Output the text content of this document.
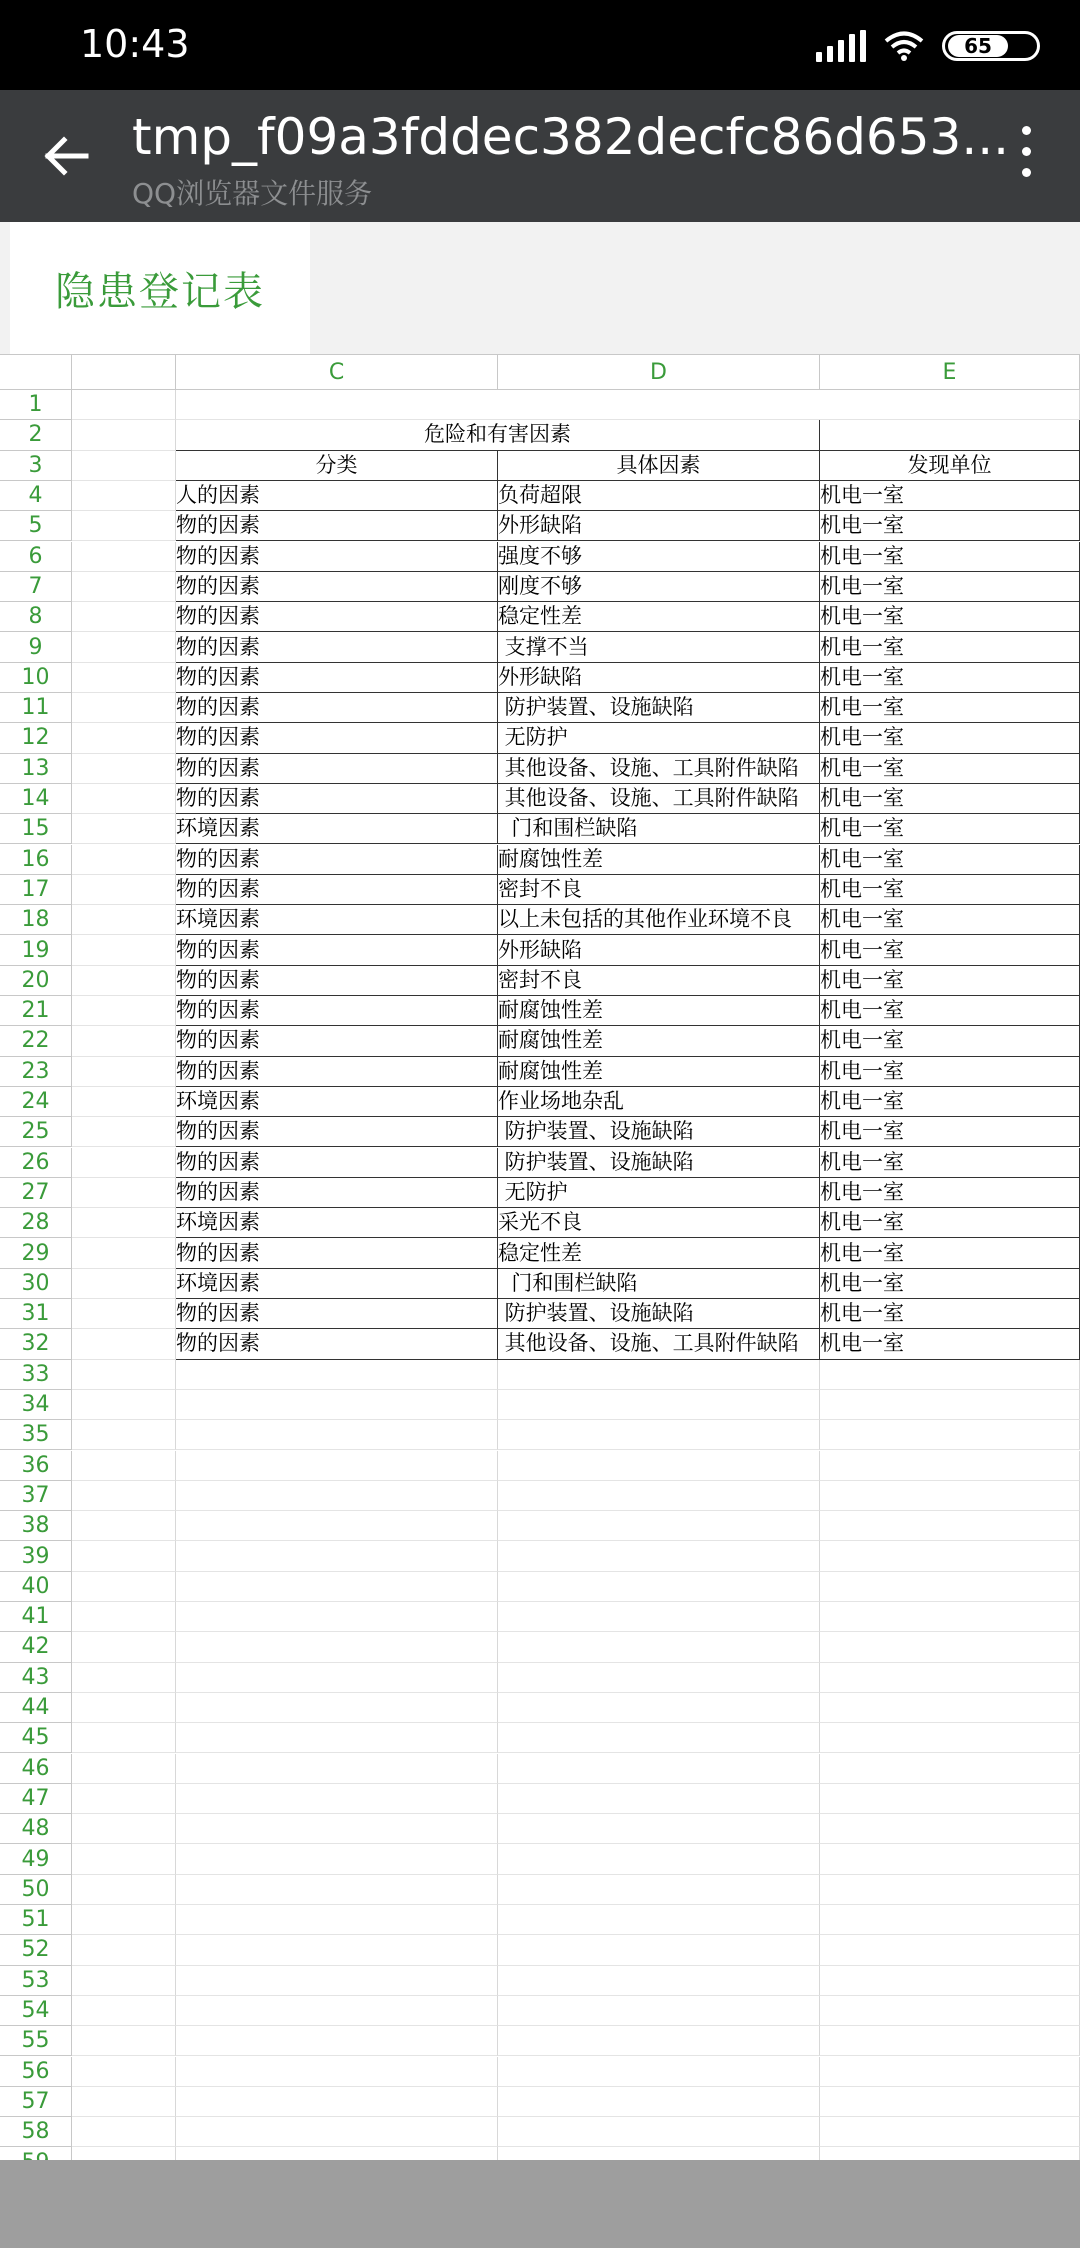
10:43	65
tmp_f09a3fddec382decfc86d653...
QQ浏览器文件服务
隐患登记表
C	D	E
1
2	危险和有害因素
3	分类	具体因素	发现单位
4	人的因素	负荷超限	机电一室
5	物的因素	外形缺陷	机电一室
6	物的因素	强度不够	机电一室
7	物的因素	刚度不够	机电一室
8	物的因素	稳定性差	机电一室
9	物的因素	支撑不当	机电一室
10	物的因素	外形缺陷	机电一室
11	物的因素	防护装置、设施缺陷	机电一室
12	物的因素	无防护	机电一室
13	物的因素	其他设备、设施、工具附件缺陷	机电一室
14	物的因素	其他设备、设施、工具附件缺陷	机电一室
15	环境因素	门和围栏缺陷	机电一室
16	物的因素	耐腐蚀性差	机电一室
17	物的因素	密封不良	机电一室
18	环境因素	以上未包括的其他作业环境不良	机电一室
19	物的因素	外形缺陷	机电一室
20	物的因素	密封不良	机电一室
21	物的因素	耐腐蚀性差	机电一室
22	物的因素	耐腐蚀性差	机电一室
23	物的因素	耐腐蚀性差	机电一室
24	环境因素	作业场地杂乱	机电一室
25	物的因素	防护装置、设施缺陷	机电一室
26	物的因素	防护装置、设施缺陷	机电一室
27	物的因素	无防护	机电一室
28	环境因素	采光不良	机电一室
29	物的因素	稳定性差	机电一室
30	环境因素	门和围栏缺陷	机电一室
31	物的因素	防护装置、设施缺陷	机电一室
32	物的因素	其他设备、设施、工具附件缺陷	机电一室
33
34
35
36
37
38
39
40
41
42
43
44
45
46
47
48
49
50
51
52
53
54
55
56
57
58
